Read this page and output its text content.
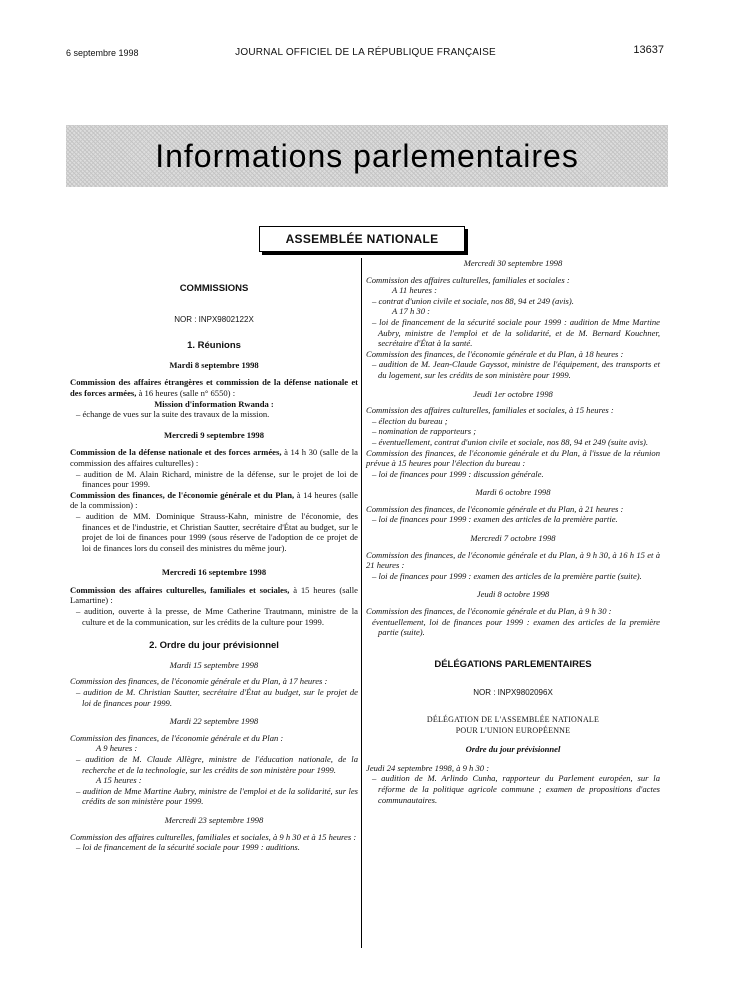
6 septembre 1998	JOURNAL OFFICIEL DE LA RÉPUBLIQUE FRANÇAISE	13637
Informations parlementaires
ASSEMBLÉE NATIONALE
COMMISSIONS
NOR : INPX9802122X
1. Réunions
Mardi 8 septembre 1998
Commission des affaires étrangères et commission de la défense nationale et des forces armées, à 16 heures (salle n° 6550) :
Mission d'information Rwanda :
– échange de vues sur la suite des travaux de la mission.
Mercredi 9 septembre 1998
Commission de la défense nationale et des forces armées, à 14 h 30 (salle de la commission des affaires culturelles) :
– audition de M. Alain Richard, ministre de la défense, sur le projet de loi de finances pour 1999.
Commission des finances, de l'économie générale et du Plan, à 14 heures (salle de la commission) :
– audition de MM. Dominique Strauss-Kahn, ministre de l'économie, des finances et de l'industrie, et Christian Sautter, secrétaire d'État au budget, sur le projet de loi de finances pour 1999 (sous réserve de l'adoption de ce projet de loi de finances lors du conseil des ministres du même jour).
Mercredi 16 septembre 1998
Commission des affaires culturelles, familiales et sociales, à 15 heures (salle Lamartine) :
– audition, ouverte à la presse, de Mme Catherine Trautmann, ministre de la culture et de la communication, sur les crédits de la culture pour 1999.
2. Ordre du jour prévisionnel
Mardi 15 septembre 1998
Commission des finances, de l'économie générale et du Plan, à 17 heures :
– audition de M. Christian Sautter, secrétaire d'État au budget, sur le projet de loi de finances pour 1999.
Mardi 22 septembre 1998
Commission des finances, de l'économie générale et du Plan :
A 9 heures :
– audition de M. Claude Allègre, ministre de l'éducation nationale, de la recherche et de la technologie, sur les crédits de son ministère pour 1999.
A 15 heures :
– audition de Mme Martine Aubry, ministre de l'emploi et de la solidarité, sur les crédits de son ministère pour 1999.
Mercredi 23 septembre 1998
Commission des affaires culturelles, familiales et sociales, à 9 h 30 et à 15 heures :
– loi de financement de la sécurité sociale pour 1999 : auditions.
Mercredi 30 septembre 1998
Commission des affaires culturelles, familiales et sociales :
A 11 heures :
– contrat d'union civile et sociale, nos 88, 94 et 249 (avis).
A 17 h 30 :
– loi de financement de la sécurité sociale pour 1999 : audition de Mme Martine Aubry, ministre de l'emploi et de la solidarité, et de M. Bernard Kouchner, secrétaire d'État à la santé.
Commission des finances, de l'économie générale et du Plan, à 18 heures :
– audition de M. Jean-Claude Gayssot, ministre de l'équipement, des transports et du logement, sur les crédits de son ministère pour 1999.
Jeudi 1er octobre 1998
Commission des affaires culturelles, familiales et sociales, à 15 heures :
– élection du bureau ;
– nomination de rapporteurs ;
– éventuellement, contrat d'union civile et sociale, nos 88, 94 et 249 (suite avis).
Commission des finances, de l'économie générale et du Plan, à l'issue de la réunion prévue à 15 heures pour l'élection du bureau :
– loi de finances pour 1999 : discussion générale.
Mardi 6 octobre 1998
Commission des finances, de l'économie générale et du Plan, à 21 heures :
– loi de finances pour 1999 : examen des articles de la première partie.
Mercredi 7 octobre 1998
Commission des finances, de l'économie générale et du Plan, à 9 h 30, à 16 h 15 et à 21 heures :
– loi de finances pour 1999 : examen des articles de la première partie (suite).
Jeudi 8 octobre 1998
Commission des finances, de l'économie générale et du Plan, à 9 h 30 :
éventuellement, loi de finances pour 1999 : examen des articles de la première partie (suite).
DÉLÉGATIONS PARLEMENTAIRES
NOR : INPX9802096X
DÉLÉGATION DE L'ASSEMBLÉE NATIONALE
POUR L'UNION EUROPÉENNE
Ordre du jour prévisionnel
Jeudi 24 septembre 1998, à 9 h 30 :
– audition de M. Arlindo Cunha, rapporteur du Parlement européen, sur la réforme de la politique agricole commune ; examen de propositions d'actes communautaires.
